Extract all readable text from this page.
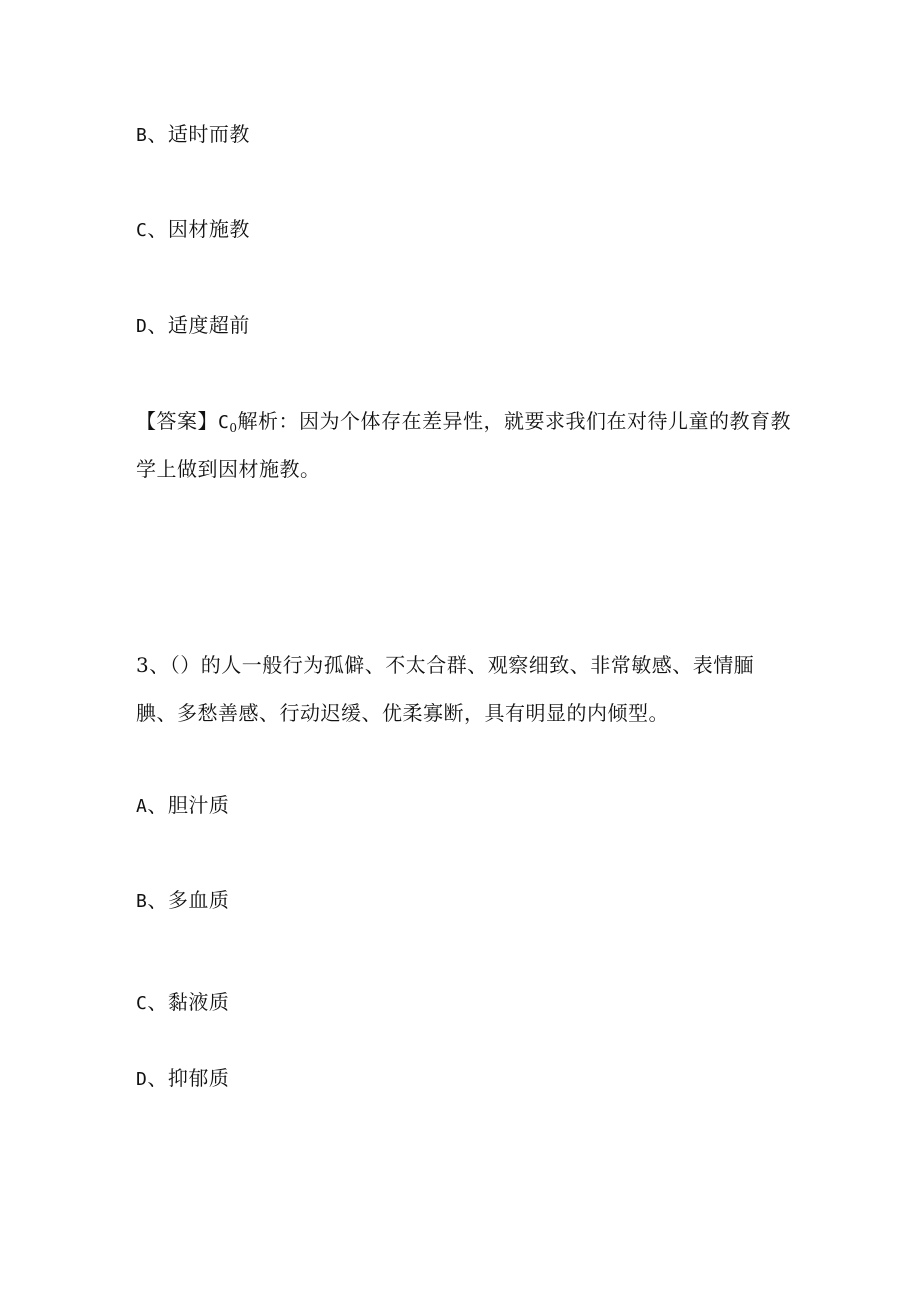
B、适时而教
C、因材施教
D、适度超前
【答案】$C_0$解析：因为个体存在差异性，就要求我们在对待儿童的教育教
学上做到因材施教。
3、（）的人一般行为孤僻、不太合群、观察细致、非常敏感、表情腼
腆、多愁善感、行动迟缓、优柔寡断，具有明显的内倾型。
A、胆汁质
B、多血质
C、黏液质
D、抑郁质
